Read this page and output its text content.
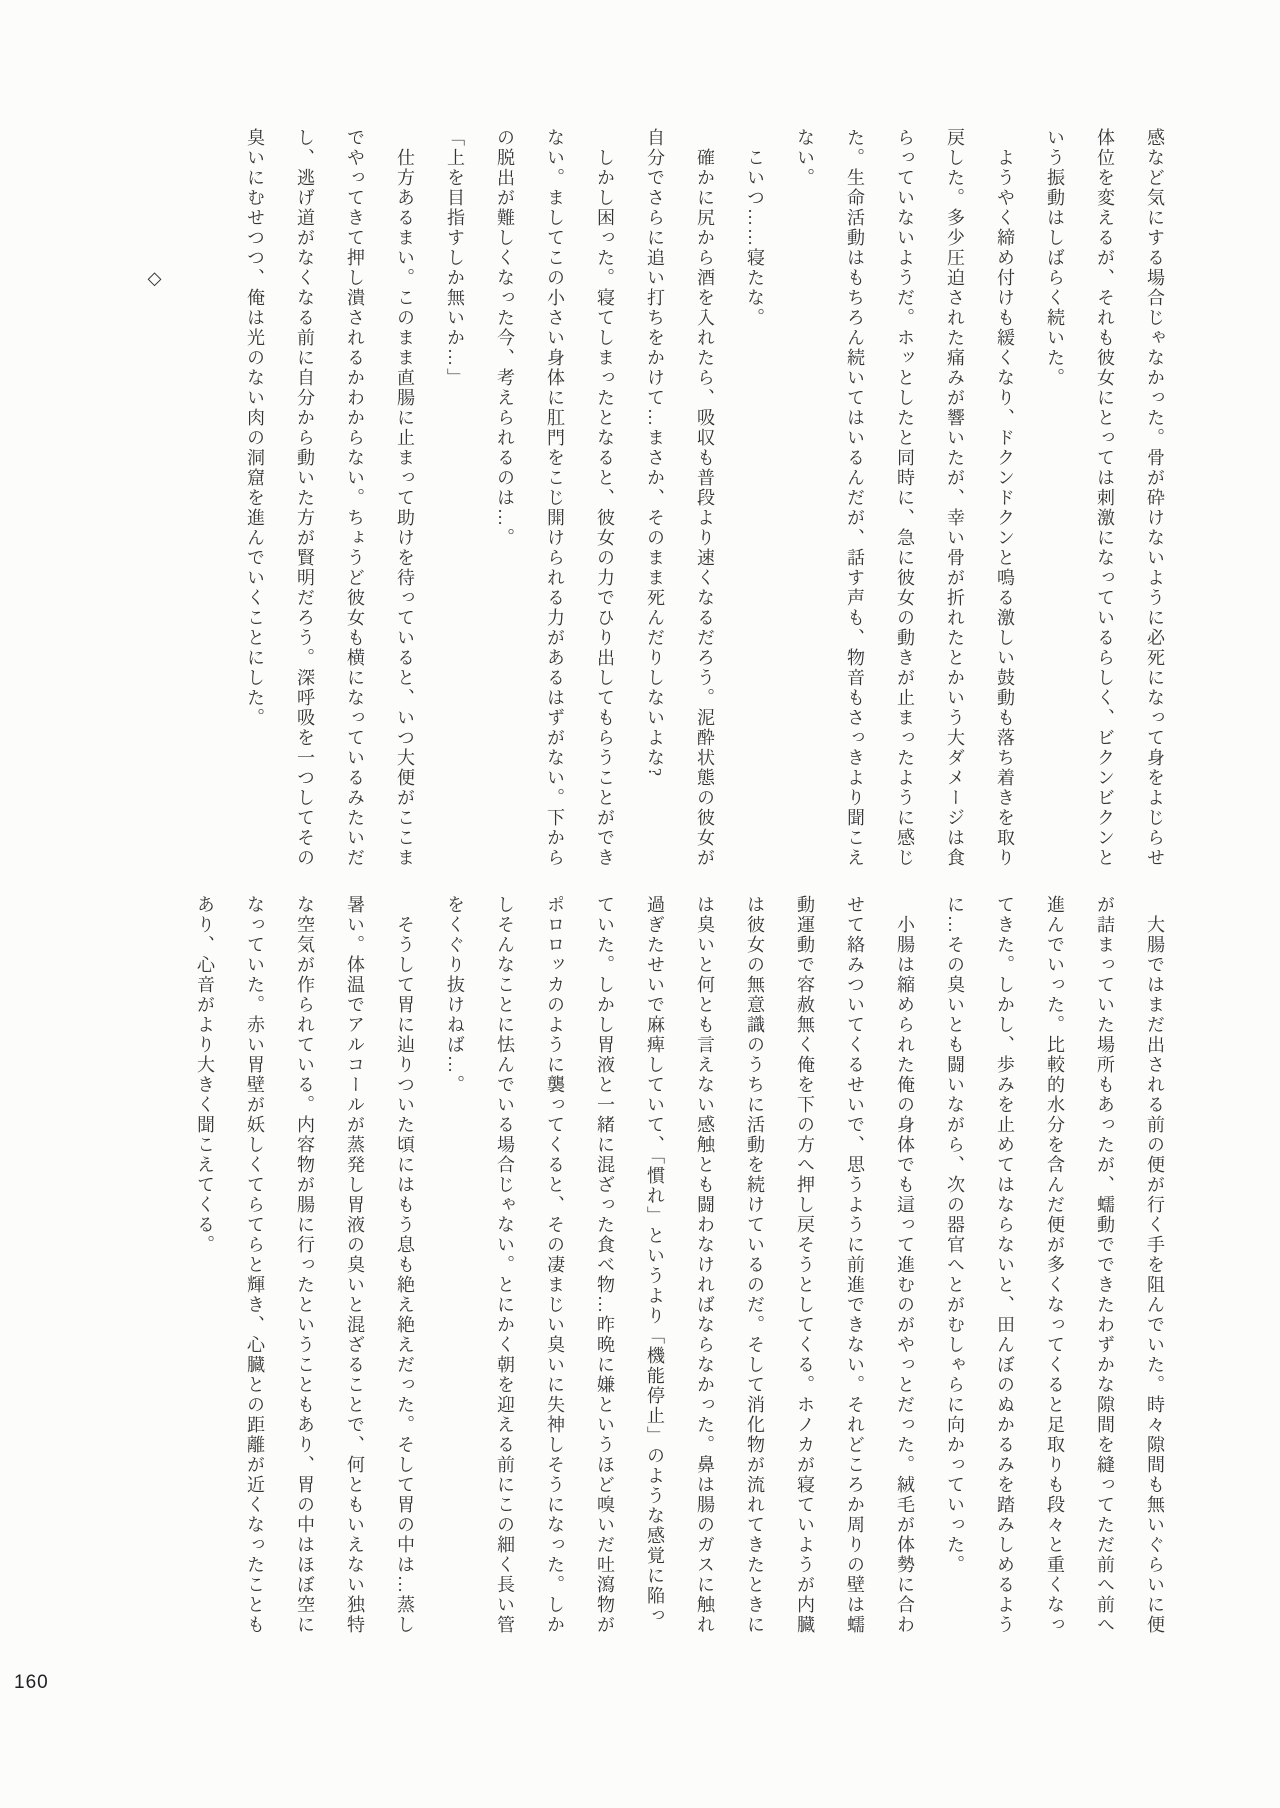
感など気にする場合じゃなかった。骨が砕けないように必死になって身をよじらせ

体位を変えるが、それも彼女にとっては刺激になっているらしく、ビクンビクンと

いう振動はしばらく続いた。

　ようやく締め付けも緩くなり、ドクンドクンと鳴る激しい鼓動も落ち着きを取り

戻した。多少圧迫された痛みが響いたが、幸い骨が折れたとかいう大ダメージは食

らっていないようだ。ホッとしたと同時に、急に彼女の動きが止まったように感じ

た。生命活動はもちろん続いてはいるんだが、話す声も、物音もさっきより聞こえ

ない。

　こいつ……寝たな。

　確かに尻から酒を入れたら、吸収も普段より速くなるだろう。泥酔状態の彼女が

自分でさらに追い打ちをかけて…まさか、そのまま死んだりしないよな?

　しかし困った。寝てしまったとなると、彼女の力でひり出してもらうことができ

ない。ましてこの小さい身体に肛門をこじ開けられる力があるはずがない。下から

の脱出が難しくなった今、考えられるのは…。

「上を目指すしか無いか…」

　仕方あるまい。このまま直腸に止まって助けを待っていると、いつ大便がここま

でやってきて押し潰されるかわからない。ちょうど彼女も横になっているみたいだ

し、逃げ道がなくなる前に自分から動いた方が賢明だろう。深呼吸を一つしてその

臭いにむせつつ、俺は光のない肉の洞窟を進んでいくことにした。

　　　　　　　◇

　大腸ではまだ出される前の便が行く手を阻んでいた。時々隙間も無いぐらいに便

が詰まっていた場所もあったが、蠕動でできたわずかな隙間を縫ってただ前へ前へ

進んでいった。比較的水分を含んだ便が多くなってくると足取りも段々と重くなっ

てきた。しかし、歩みを止めてはならないと、田んぼのぬかるみを踏みしめるよう

に…その臭いとも闘いながら、次の器官へとがむしゃらに向かっていった。

　小腸は縮められた俺の身体でも這って進むのがやっとだった。絨毛が体勢に合わ

せて絡みついてくるせいで、思うように前進できない。それどころか周りの壁は蠕

動運動で容赦無く俺を下の方へ押し戻そうとしてくる。ホノカが寝ていようが内臓

は彼女の無意識のうちに活動を続けているのだ。そして消化物が流れてきたときに

は臭いと何とも言えない感触とも闘わなければならなかった。鼻は腸のガスに触れ

過ぎたせいで麻痺していて、「慣れ」というより「機能停止」のような感覚に陥っ

ていた。しかし胃液と一緒に混ざった食べ物…昨晩に嫌というほど嗅いだ吐瀉物が

ポロロッカのように襲ってくると、その凄まじい臭いに失神しそうになった。しか

しそんなことに怯んでいる場合じゃない。とにかく朝を迎える前にこの細く長い管

をくぐり抜けねば…。

　そうして胃に辿りついた頃にはもう息も絶え絶えだった。そして胃の中は…蒸し

暑い。体温でアルコールが蒸発し胃液の臭いと混ざることで、何ともいえない独特

な空気が作られている。内容物が腸に行ったということもあり、胃の中はほぼ空に

なっていた。赤い胃壁が妖しくてらてらと輝き、心臓との距離が近くなったことも

あり、心音がより大きく聞こえてくる。

160
